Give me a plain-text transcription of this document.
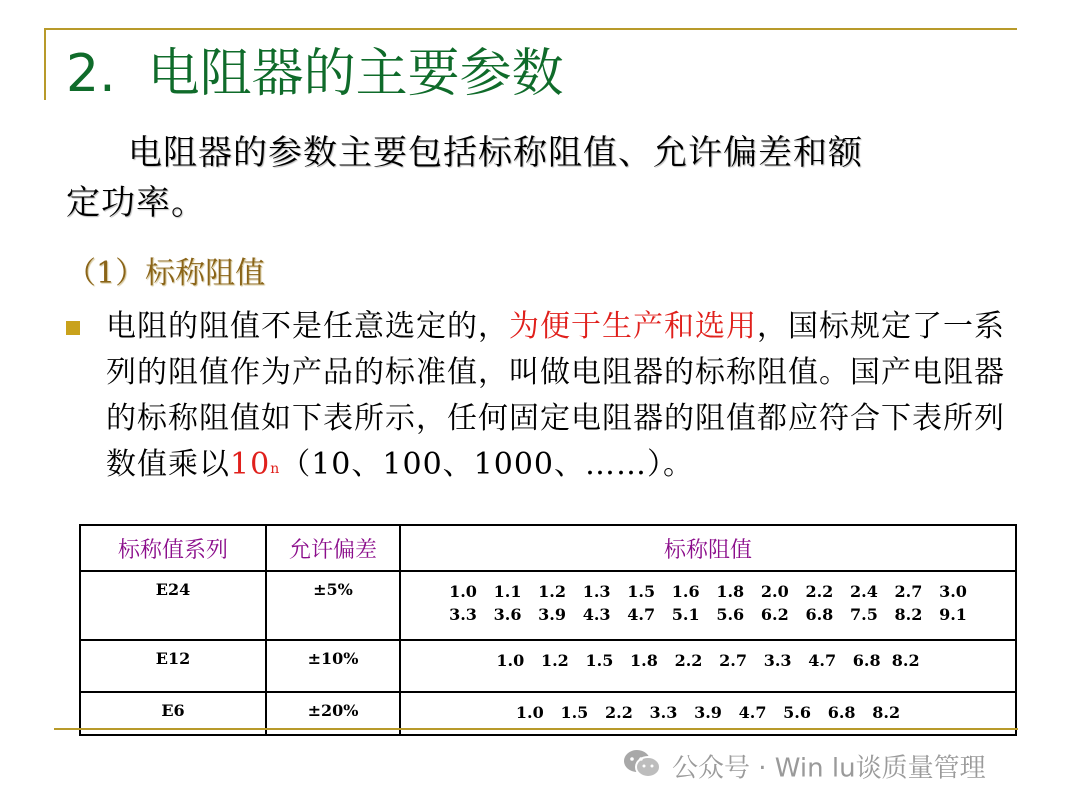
2. 电阻器的主要参数
电阻器的参数主要包括标称阻值、允许偏差和额
定功率。
（1）标称阻值
电阻的阻值不是任意选定的，为便于生产和选用，国标规定了一系列的阻值作为产品的标准值，叫做电阻器的标称阻值。国产电阻器的标称阻值如下表所示，任何固定电阻器的阻值都应符合下表所列数值乘以10$^n$（10、100、1000、……）。
标称值系列	允许偏差	标称阻值
E24	±5%	1.0   1.1   1.2   1.3   1.5   1.6   1.8   2.0   2.2   2.4   2.7   3.0
3.3   3.6   3.9   4.3   4.7   5.1   5.6   6.2   6.8   7.5   8.2   9.1

E12	±10%	1.0   1.2   1.5   1.8   2.2   2.7   3.3   4.7   6.8  8.2

E6	±20%	1.0   1.5   2.2   3.3   3.9   4.7   5.6   6.8   8.2
公众号 · Win lu谈质量管理
